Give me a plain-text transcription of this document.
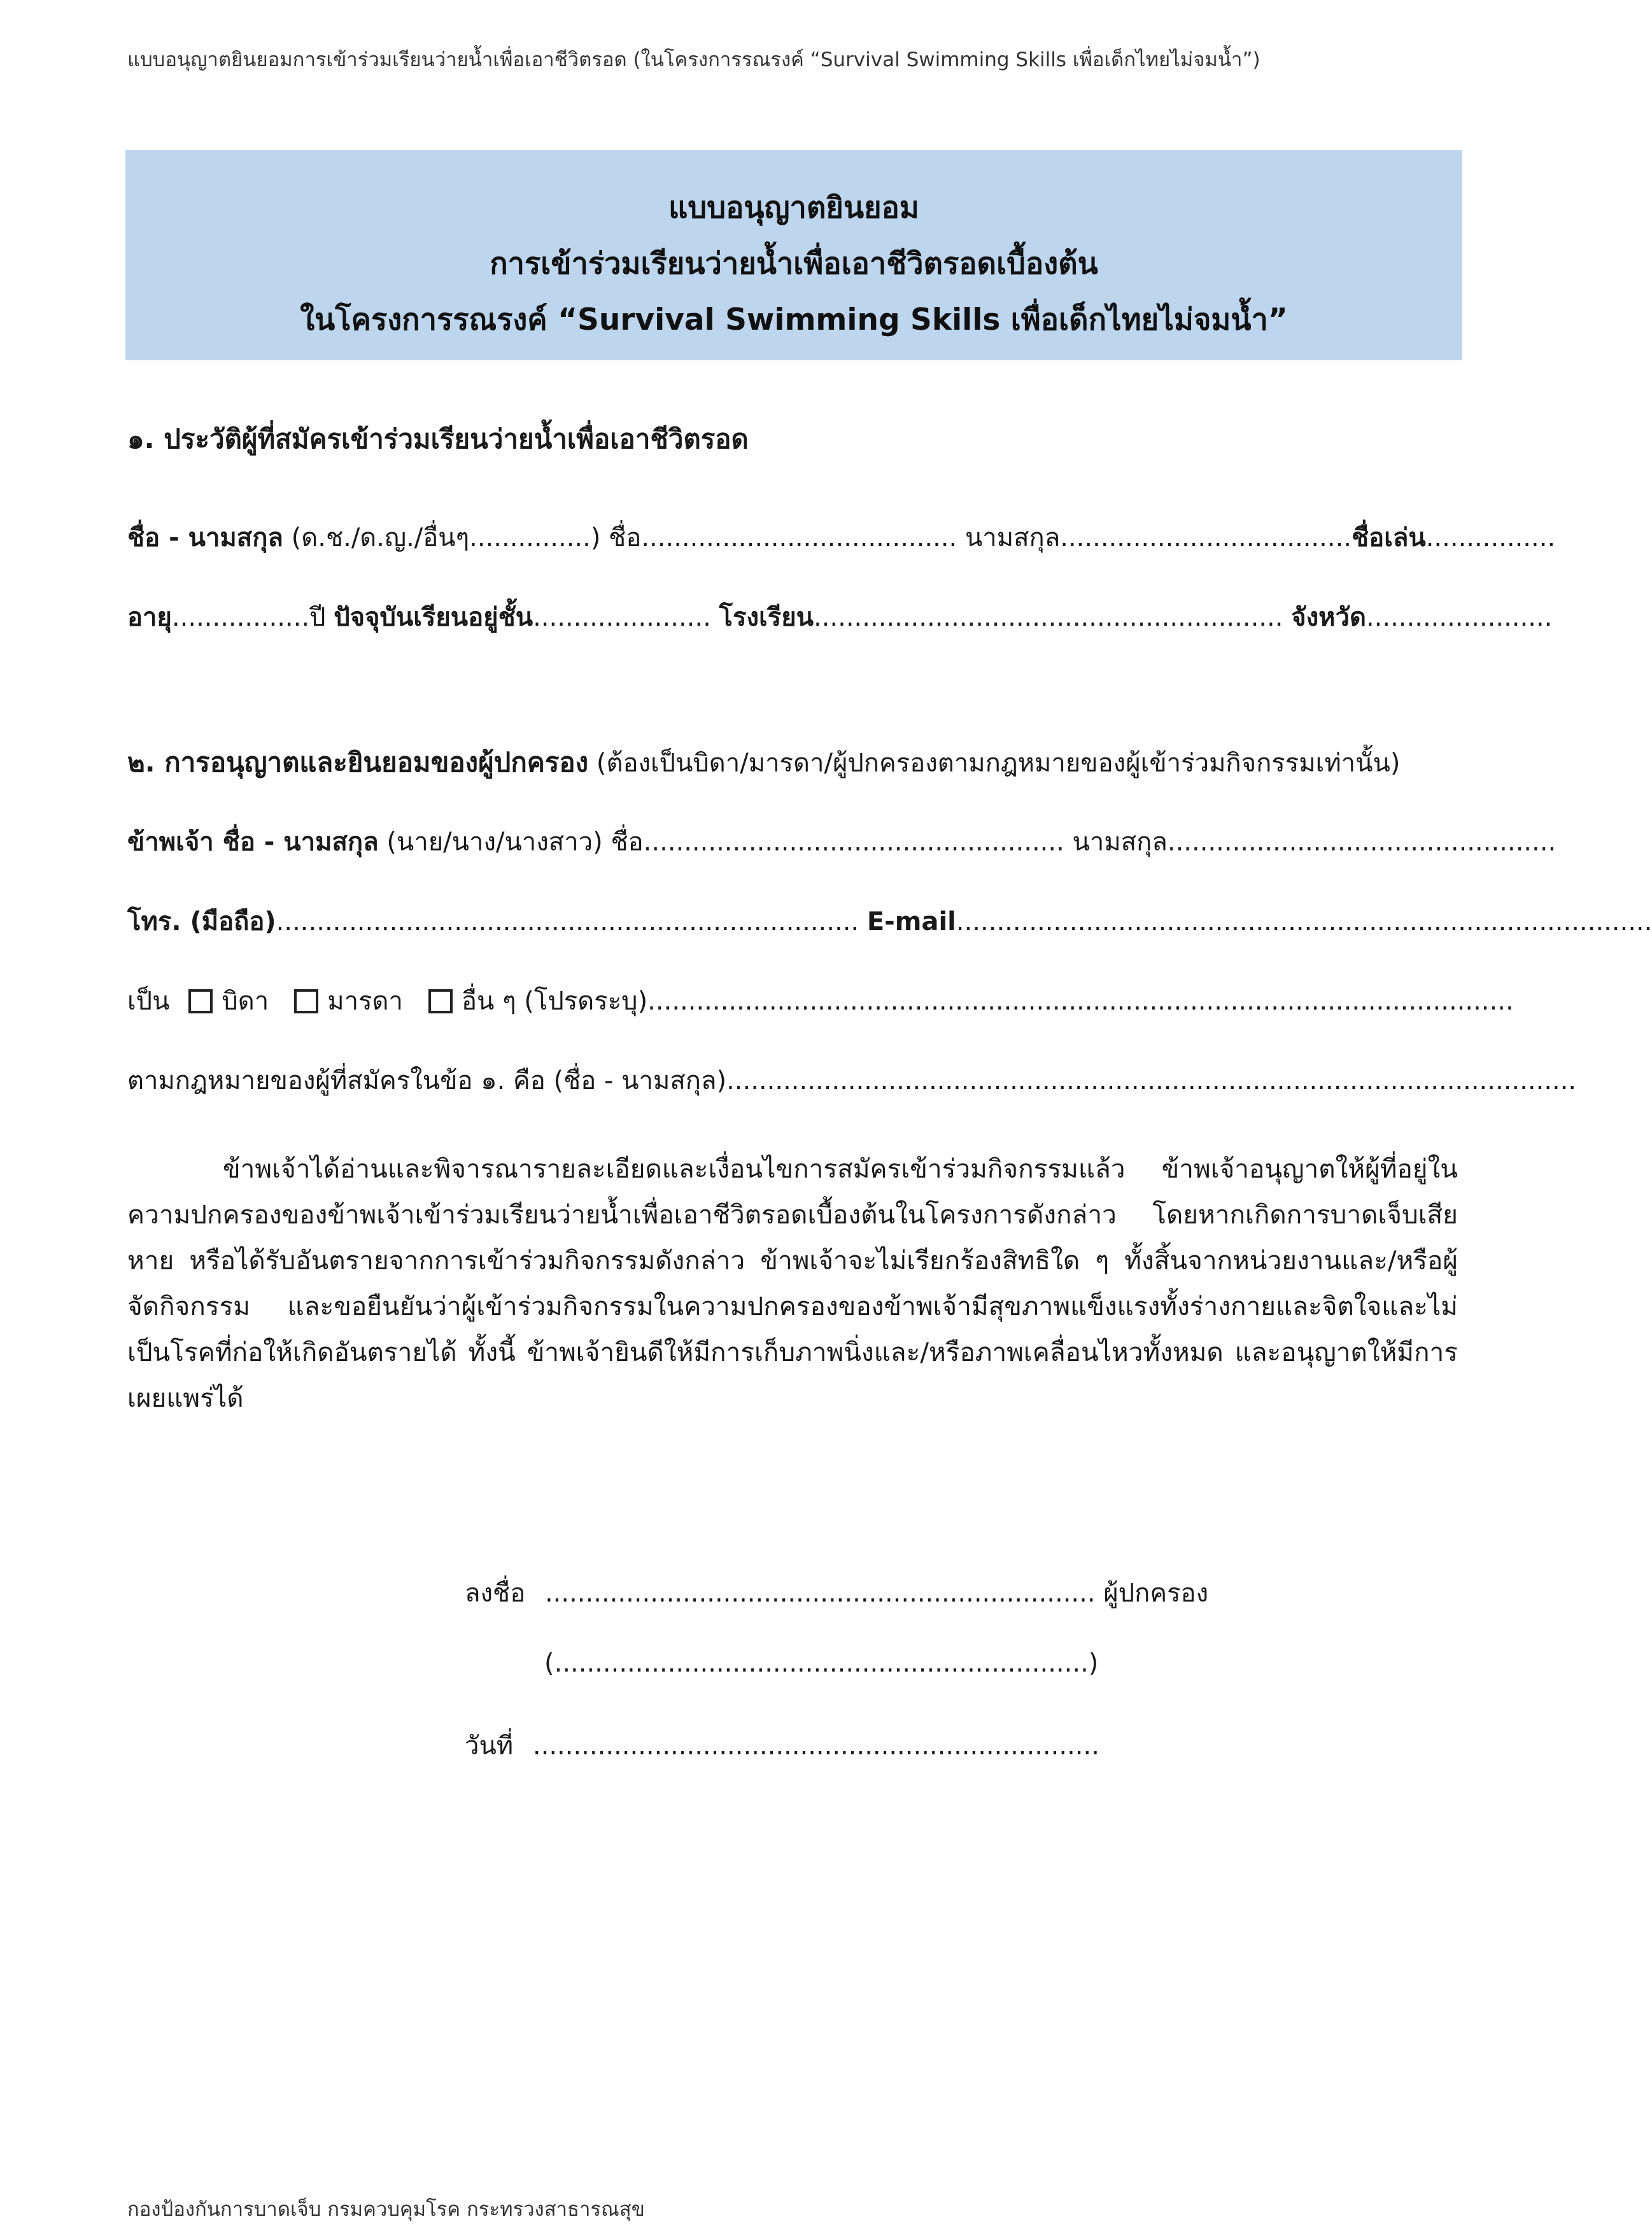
แบบอนุญาตยินยอมการเข้าร่วมเรียนว่ายน้ำเพื่อเอาชีวิตรอด (ในโครงการรณรงค์ “Survival Swimming Skills เพื่อเด็กไทยไม่จมน้ำ”)
แบบอนุญาตยินยอม
การเข้าร่วมเรียนว่ายน้ำเพื่อเอาชีวิตรอดเบื้องต้น
ในโครงการรณรงค์ “Survival Swimming Skills เพื่อเด็กไทยไม่จมน้ำ”
๑. ประวัติผู้ที่สมัครเข้าร่วมเรียนว่ายน้ำเพื่อเอาชีวิตรอด
ชื่อ - นามสกุล (ด.ช./ด.ญ./อื่นๆ...............) ชื่อ....................................... นามสกุล....................................ชื่อเล่น................
อายุ.................ปี ปัจจุบันเรียนอยู่ชั้น...................... โรงเรียน.......................................................... จังหวัด.......................
๒. การอนุญาตและยินยอมของผู้ปกครอง (ต้องเป็นบิดา/มารดา/ผู้ปกครองตามกฎหมายของผู้เข้าร่วมกิจกรรมเท่านั้น)
ข้าพเจ้า ชื่อ - นามสกุล (นาย/นาง/นางสาว) ชื่อ.................................................... นามสกุล................................................
โทร. (มือถือ)........................................................................ E-mail......................................................................................
เป็น บิดา มารดา อื่น ๆ (โปรดระบุ)...........................................................................................................
ตามกฎหมายของผู้ที่สมัครในข้อ ๑. คือ (ชื่อ - นามสกุล).........................................................................................................
ข้าพเจ้าได้อ่านและพิจารณารายละเอียดและเงื่อนไขการสมัครเข้าร่วมกิจกรรมแล้ว ข้าพเจ้าอนุญาตให้ผู้ที่อยู่ในความปกครองของข้าพเจ้าเข้าร่วมเรียนว่ายน้ำเพื่อเอาชีวิตรอดเบื้องต้นในโครงการดังกล่าว โดยหากเกิดการบาดเจ็บเสียหาย หรือได้รับอันตรายจากการเข้าร่วมกิจกรรมดังกล่าว ข้าพเจ้าจะไม่เรียกร้องสิทธิใด ๆ ทั้งสิ้นจากหน่วยงานและ/หรือผู้จัดกิจกรรม และขอยืนยันว่าผู้เข้าร่วมกิจกรรมในความปกครองของข้าพเจ้ามีสุขภาพแข็งแรงทั้งร่างกายและจิตใจและไม่เป็นโรคที่ก่อให้เกิดอันตรายได้ ทั้งนี้ ข้าพเจ้ายินดีให้มีการเก็บภาพนิ่งและ/หรือภาพเคลื่อนไหวทั้งหมด และอนุญาตให้มีการเผยแพร่ได้
ลงชื่อ .................................................................... ผู้ปกครอง
(..................................................................)
วันที่ ......................................................................
กองป้องกันการบาดเจ็บ กรมควบคุมโรค กระทรวงสาธารณสุข
